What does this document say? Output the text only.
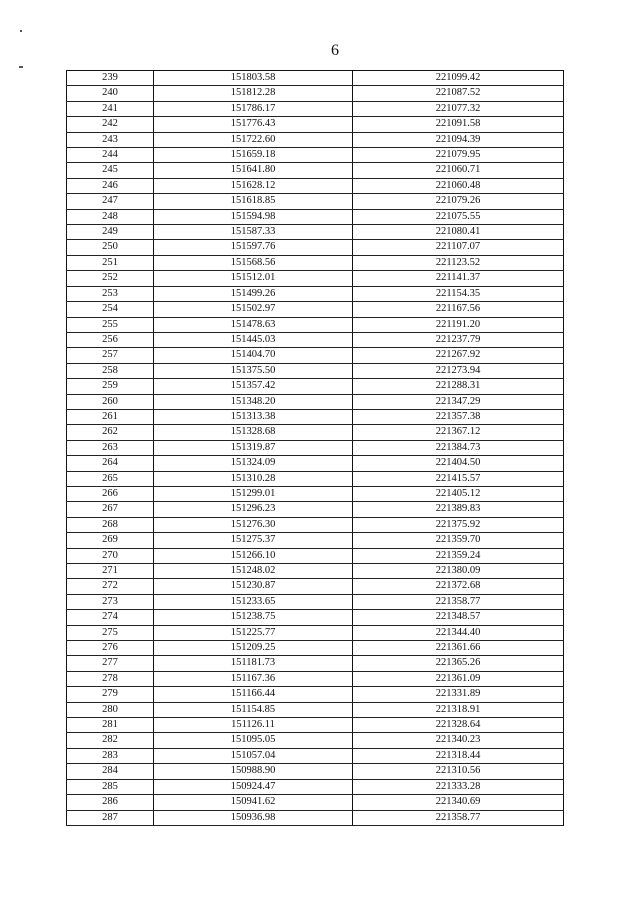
6
239	151803.58	221099.42
240	151812.28	221087.52
241	151786.17	221077.32
242	151776.43	221091.58
243	151722.60	221094.39
244	151659.18	221079.95
245	151641.80	221060.71
246	151628.12	221060.48
247	151618.85	221079.26
248	151594.98	221075.55
249	151587.33	221080.41
250	151597.76	221107.07
251	151568.56	221123.52
252	151512.01	221141.37
253	151499.26	221154.35
254	151502.97	221167.56
255	151478.63	221191.20
256	151445.03	221237.79
257	151404.70	221267.92
258	151375.50	221273.94
259	151357.42	221288.31
260	151348.20	221347.29
261	151313.38	221357.38
262	151328.68	221367.12
263	151319.87	221384.73
264	151324.09	221404.50
265	151310.28	221415.57
266	151299.01	221405.12
267	151296.23	221389.83
268	151276.30	221375.92
269	151275.37	221359.70
270	151266.10	221359.24
271	151248.02	221380.09
272	151230.87	221372.68
273	151233.65	221358.77
274	151238.75	221348.57
275	151225.77	221344.40
276	151209.25	221361.66
277	151181.73	221365.26
278	151167.36	221361.09
279	151166.44	221331.89
280	151154.85	221318.91
281	151126.11	221328.64
282	151095.05	221340.23
283	151057.04	221318.44
284	150988.90	221310.56
285	150924.47	221333.28
286	150941.62	221340.69
287	150936.98	221358.77
